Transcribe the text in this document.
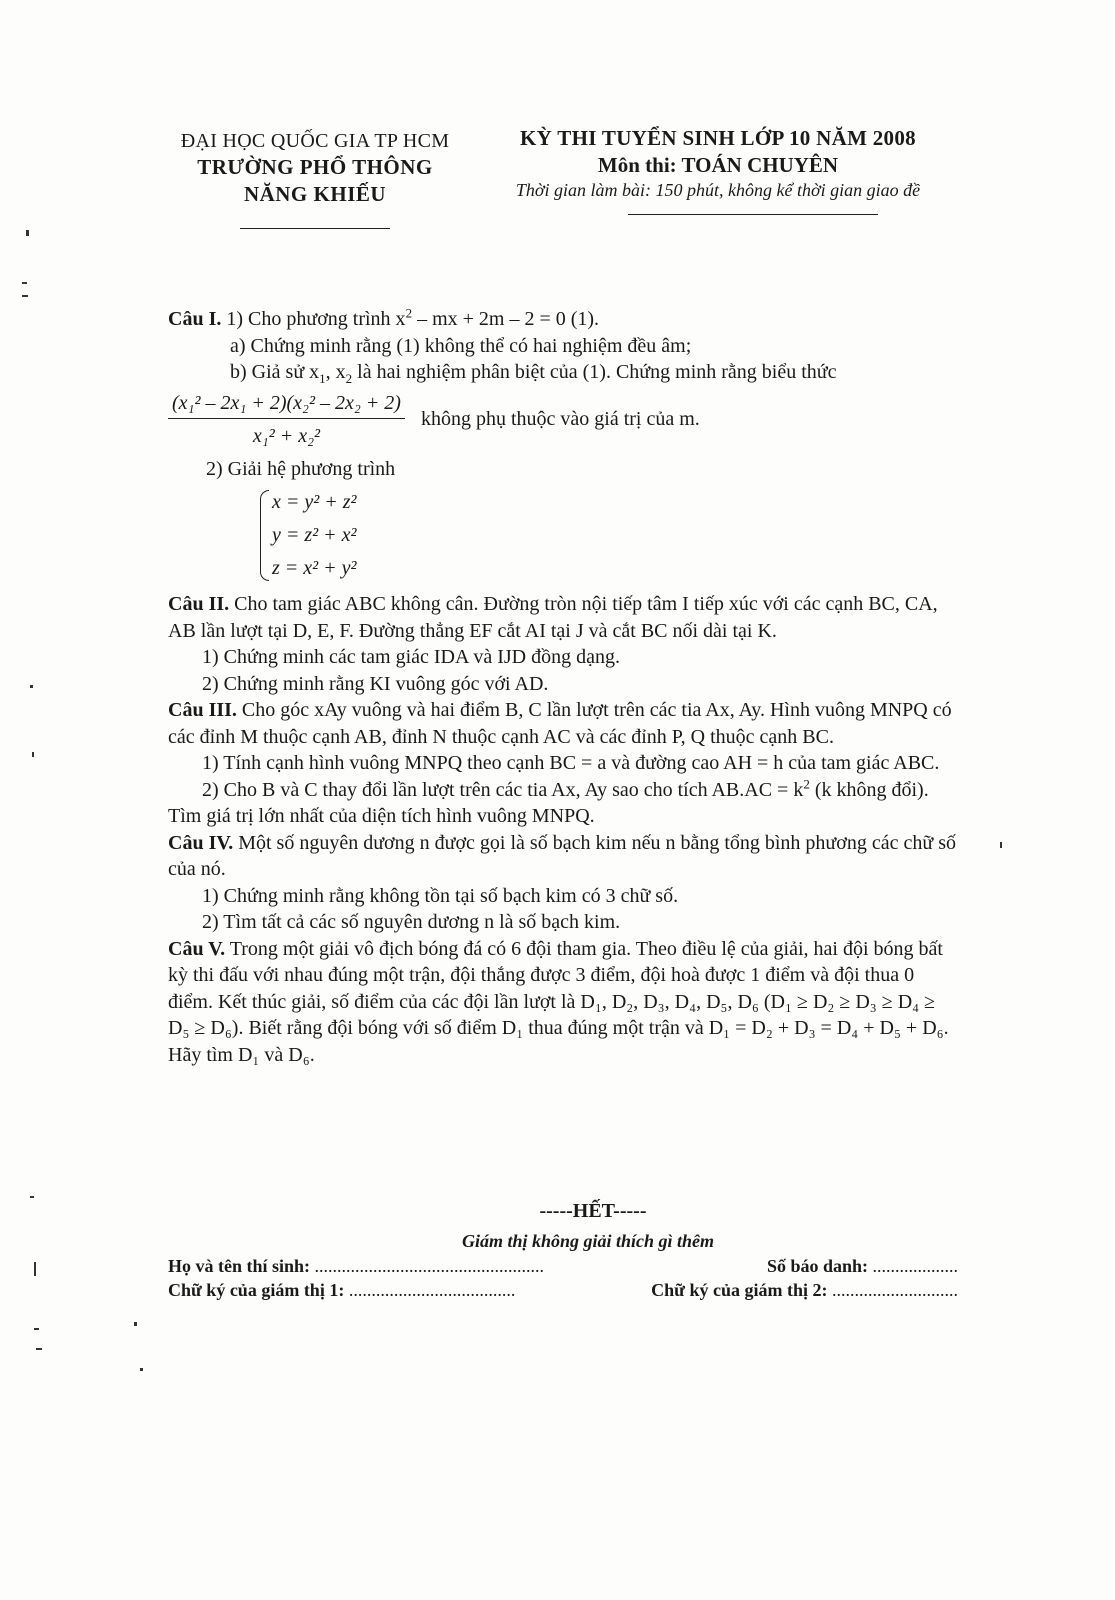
ĐẠI HỌC QUỐC GIA TP HCM
TRƯỜNG PHỔ THÔNG
NĂNG KHIẾU
KỲ THI TUYỂN SINH LỚP 10 NĂM 2008
Môn thi: TOÁN CHUYÊN
Thời gian làm bài: 150 phút, không kể thời gian giao đề

Câu I. 1) Cho phương trình $x^2$ – mx + 2m – 2 = 0 (1).

a) Chứng minh rằng (1) không thể có hai nghiệm đều âm;

b) Giả sử $x_1$, $x_2$ là hai nghiệm phân biệt của (1). Chứng minh rằng biểu thức

$\frac{\text{(x₁² – 2x₁ + 2)(x₂² – 2x₂ + 2)}}{\text{x₁² + x₂²}}$ không phụ thuộc vào giá trị của m.

2) Giải hệ phương trình

x = y² + z²
y = z² + x²
z = x² + y²

Câu II. Cho tam giác ABC không cân. Đường tròn nội tiếp tâm I tiếp xúc với các cạnh BC, CA, AB lần lượt tại D, E, F. Đường thẳng EF cắt AI tại J và cắt BC nối dài tại K.

1) Chứng minh các tam giác IDA và IJD đồng dạng.

2) Chứng minh rằng KI vuông góc với AD.

Câu III. Cho góc xAy vuông và hai điểm B, C lần lượt trên các tia Ax, Ay. Hình vuông MNPQ có các đỉnh M thuộc cạnh AB, đỉnh N thuộc cạnh AC và các đỉnh P, Q thuộc cạnh BC.

1) Tính cạnh hình vuông MNPQ theo cạnh BC = a và đường cao AH = h của tam giác ABC.

2) Cho B và C thay đổi lần lượt trên các tia Ax, Ay sao cho tích $AB.AC = k^2$ (k không đổi). Tìm giá trị lớn nhất của diện tích hình vuông MNPQ.

Câu IV. Một số nguyên dương n được gọi là số bạch kim nếu n bằng tổng bình phương các chữ số của nó.

1) Chứng minh rằng không tồn tại số bạch kim có 3 chữ số.

2) Tìm tất cả các số nguyên dương n là số bạch kim.

Câu V. Trong một giải vô địch bóng đá có 6 đội tham gia. Theo điều lệ của giải, hai đội bóng bất kỳ thi đấu với nhau đúng một trận, đội thắng được 3 điểm, đội hoà được 1 điểm và đội thua 0 điểm. Kết thúc giải, số điểm của các đội lần lượt là D₁, D₂, D₃, D₄, D₅, D₆ (D₁ ≥ D₂ ≥ D₃ ≥ D₄ ≥ D₅ ≥ D₆). Biết rằng đội bóng với số điểm D₁ thua đúng một trận và D₁ = D₂ + D₃ = D₄ + D₅ + D₆. Hãy tìm D₁ và D₆.

-----HẾT-----
Giám thị không giải thích gì thêm
Họ và tên thí sinh: ...................................................	Số báo danh: ...................
Chữ ký của giám thị 1: .....................................	Chữ ký của giám thị 2: ............................
